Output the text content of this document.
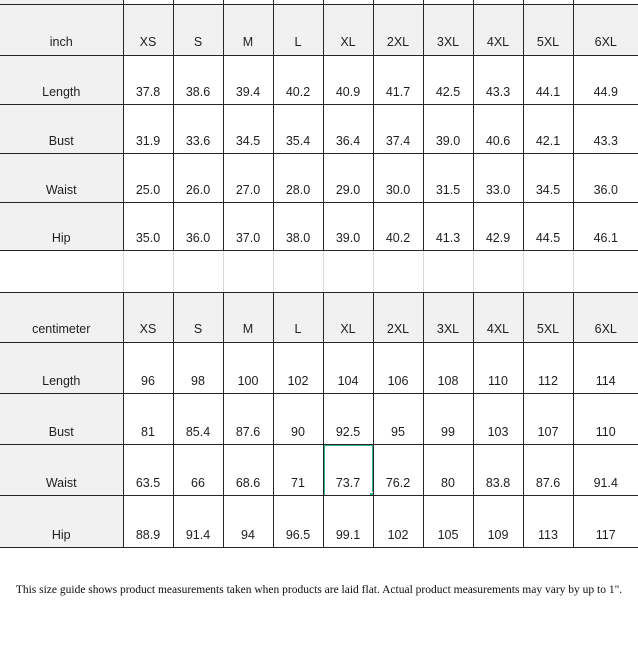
inch	XS	S	M	L	XL	2XL	3XL	4XL	5XL	6XL
Length	37.8	38.6	39.4	40.2	40.9	41.7	42.5	43.3	44.1	44.9
Bust	31.9	33.6	34.5	35.4	36.4	37.4	39.0	40.6	42.1	43.3
Waist	25.0	26.0	27.0	28.0	29.0	30.0	31.5	33.0	34.5	36.0
Hip	35.0	36.0	37.0	38.0	39.0	40.2	41.3	42.9	44.5	46.1

centimeter	XS	S	M	L	XL	2XL	3XL	4XL	5XL	6XL
Length	96	98	100	102	104	106	108	110	112	114
Bust	81	85.4	87.6	90	92.5	95	99	103	107	110
Waist	63.5	66	68.6	71	73.7	76.2	80	83.8	87.6	91.4
Hip	88.9	91.4	94	96.5	99.1	102	105	109	113	117

This size guide shows product measurements taken when products are laid flat. Actual product measurements may vary by up to 1".
